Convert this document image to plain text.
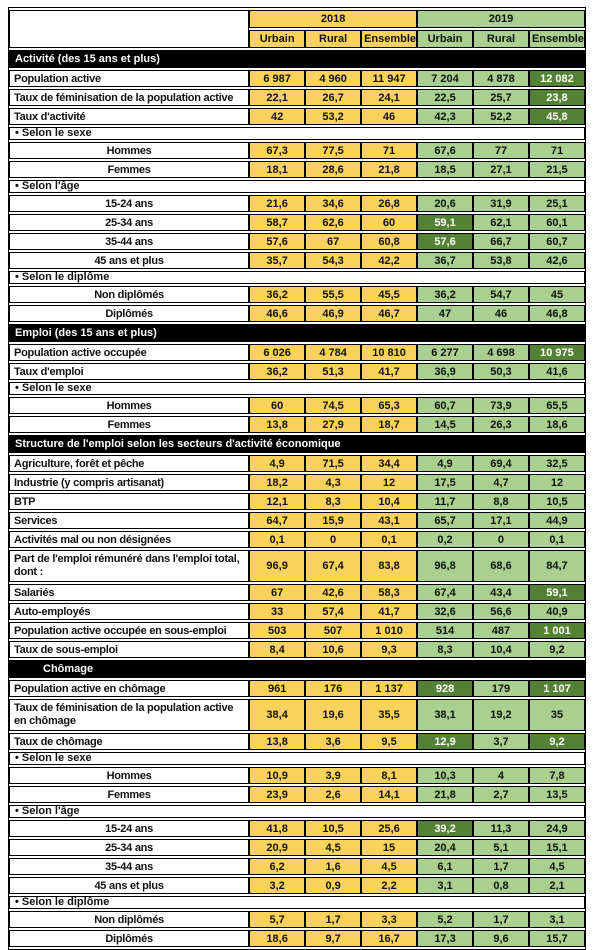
	2018			2019		
	Urbain	Rural	Ensemble	Urbain	Rural	Ensemble
Activité (des 15 ans et plus)						
Population active	6 987	4 960	11 947	7 204	4 878	12 082
Taux de féminisation de la population active	22,1	26,7	24,1	22,5	25,7	23,8
Taux d'activité	42	53,2	46	42,3	52,2	45,8
• Selon le sexe						
Hommes	67,3	77,5	71	67,6	77	71
Femmes	18,1	28,6	21,8	18,5	27,1	21,5
• Selon l'âge						
15-24 ans	21,6	34,6	26,8	20,6	31,9	25,1
25-34 ans	58,7	62,6	60	59,1	62,1	60,1
35-44 ans	57,6	67	60,8	57,6	66,7	60,7
45 ans et plus	35,7	54,3	42,2	36,7	53,8	42,6
• Selon le diplôme						
Non diplômés	36,2	55,5	45,5	36,2	54,7	45
Diplômés	46,6	46,9	46,7	47	46	46,8
Emploi (des 15 ans et plus)						
Population active occupée	6 026	4 784	10 810	6 277	4 698	10 975
Taux d'emploi	36,2	51,3	41,7	36,9	50,3	41,6
• Selon le sexe						
Hommes	60	74,5	65,3	60,7	73,9	65,5
Femmes	13,8	27,9	18,7	14,5	26,3	18,6
Structure de l'emploi selon les secteurs d'activité économique						
Agriculture, forêt et pêche	4,9	71,5	34,4	4,9	69,4	32,5
Industrie (y compris artisanat)	18,2	4,3	12	17,5	4,7	12
BTP	12,1	8,3	10,4	11,7	8,8	10,5
Services	64,7	15,9	43,1	65,7	17,1	44,9
Activités mal ou non désignées	0,1	0	0,1	0,2	0	0,1
Part de l'emploi rémunéré dans l'emploi total, dont :	96,9	67,4	83,8	96,8	68,6	84,7
Salariés	67	42,6	58,3	67,4	43,4	59,1
Auto-employés	33	57,4	41,7	32,6	56,6	40,9
Population active occupée en sous-emploi	503	507	1 010	514	487	1 001
Taux de sous-emploi	8,4	10,6	9,3	8,3	10,4	9,2
Chômage						
Population active en chômage	961	176	1 137	928	179	1 107
Taux de féminisation de la population active en chômage	38,4	19,6	35,5	38,1	19,2	35
Taux de chômage	13,8	3,6	9,5	12,9	3,7	9,2
• Selon le sexe						
Hommes	10,9	3,9	8,1	10,3	4	7,8
Femmes	23,9	2,6	14,1	21,8	2,7	13,5
• Selon l'âge						
15-24 ans	41,8	10,5	25,6	39,2	11,3	24,9
25-34 ans	20,9	4,5	15	20,4	5,1	15,1
35-44 ans	6,2	1,6	4,5	6,1	1,7	4,5
45 ans et plus	3,2	0,9	2,2	3,1	0,8	2,1
• Selon le diplôme						
Non diplômés	5,7	1,7	3,3	5,2	1,7	3,1
Diplômés	18,6	9,7	16,7	17,3	9,6	15,7
